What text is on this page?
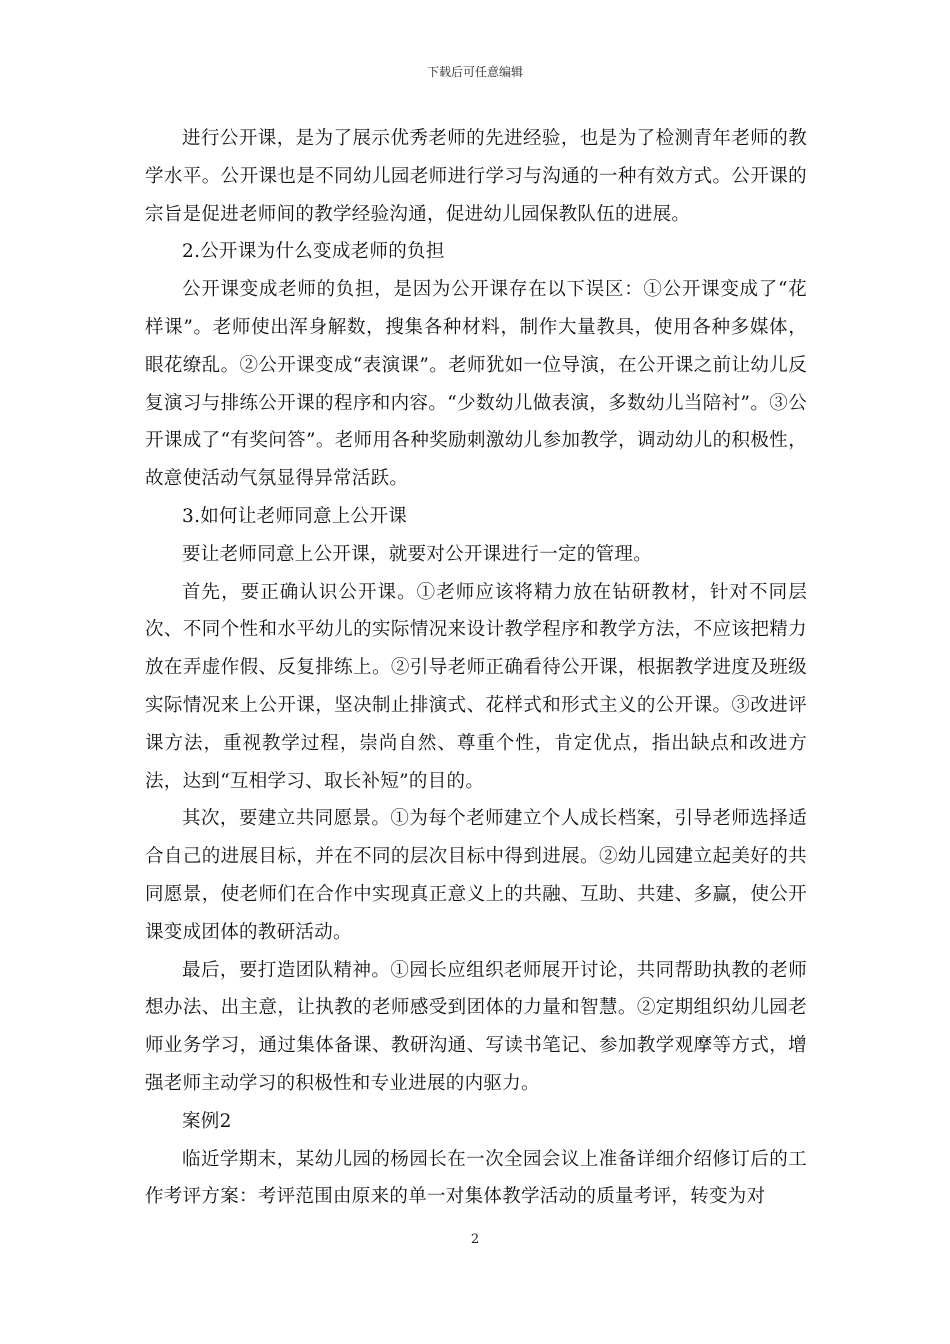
下载后可任意编辑

进行公开课，是为了展示优秀老师的先进经验，也是为了检测青年老师的教学水平。公开课也是不同幼儿园老师进行学习与沟通的一种有效方式。公开课的宗旨是促进老师间的教学经验沟通，促进幼儿园保教队伍的进展。

2.公开课为什么变成老师的负担

公开课变成老师的负担，是因为公开课存在以下误区：①公开课变成了“花样课”。老师使出浑身解数，搜集各种材料，制作大量教具，使用各种多媒体，眼花缭乱。②公开课变成“表演课”。老师犹如一位导演，在公开课之前让幼儿反复演习与排练公开课的程序和内容。“少数幼儿做表演，多数幼儿当陪衬”。③公开课成了“有奖问答”。老师用各种奖励刺激幼儿参加教学，调动幼儿的积极性，故意使活动气氛显得异常活跃。

3.如何让老师同意上公开课

要让老师同意上公开课，就要对公开课进行一定的管理。

首先，要正确认识公开课。①老师应该将精力放在钻研教材，针对不同层次、不同个性和水平幼儿的实际情况来设计教学程序和教学方法，不应该把精力放在弄虚作假、反复排练上。②引导老师正确看待公开课，根据教学进度及班级实际情况来上公开课，坚决制止排演式、花样式和形式主义的公开课。③改进评课方法，重视教学过程，崇尚自然、尊重个性，肯定优点，指出缺点和改进方法，达到“互相学习、取长补短”的目的。

其次，要建立共同愿景。①为每个老师建立个人成长档案，引导老师选择适合自己的进展目标，并在不同的层次目标中得到进展。②幼儿园建立起美好的共同愿景，使老师们在合作中实现真正意义上的共融、互助、共建、多赢，使公开课变成团体的教研活动。

最后，要打造团队精神。①园长应组织老师展开讨论，共同帮助执教的老师想办法、出主意，让执教的老师感受到团体的力量和智慧。②定期组织幼儿园老师业务学习，通过集体备课、教研沟通、写读书笔记、参加教学观摩等方式，增强老师主动学习的积极性和专业进展的内驱力。

案例2

临近学期末，某幼儿园的杨园长在一次全园会议上准备详细介绍修订后的工作考评方案：考评范围由原来的单一对集体教学活动的质量考评，转变为对

2
